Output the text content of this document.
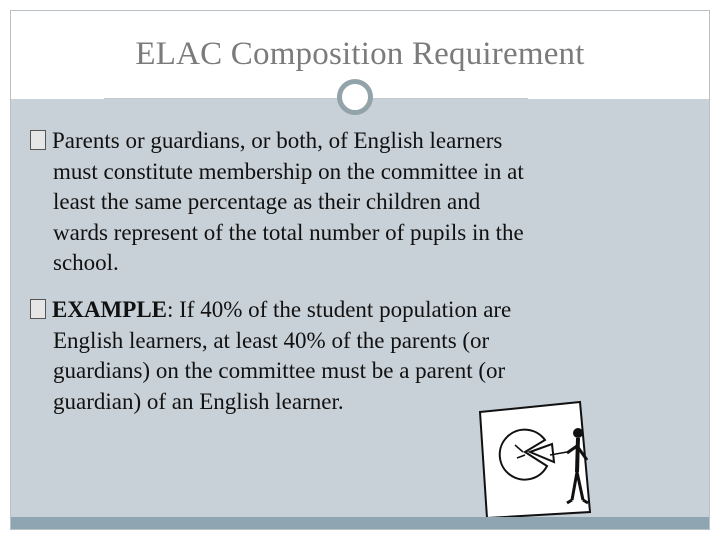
ELAC Composition Requirement
Parents or guardians, or both, of English learners
must constitute membership on the committee in at
least the same percentage as their children and
wards represent of the total number of pupils in the
school.
EXAMPLE: If 40% of the student population are
English learners, at least 40% of the parents (or
guardians) on the committee must be a parent (or
guardian) of an English learner.
